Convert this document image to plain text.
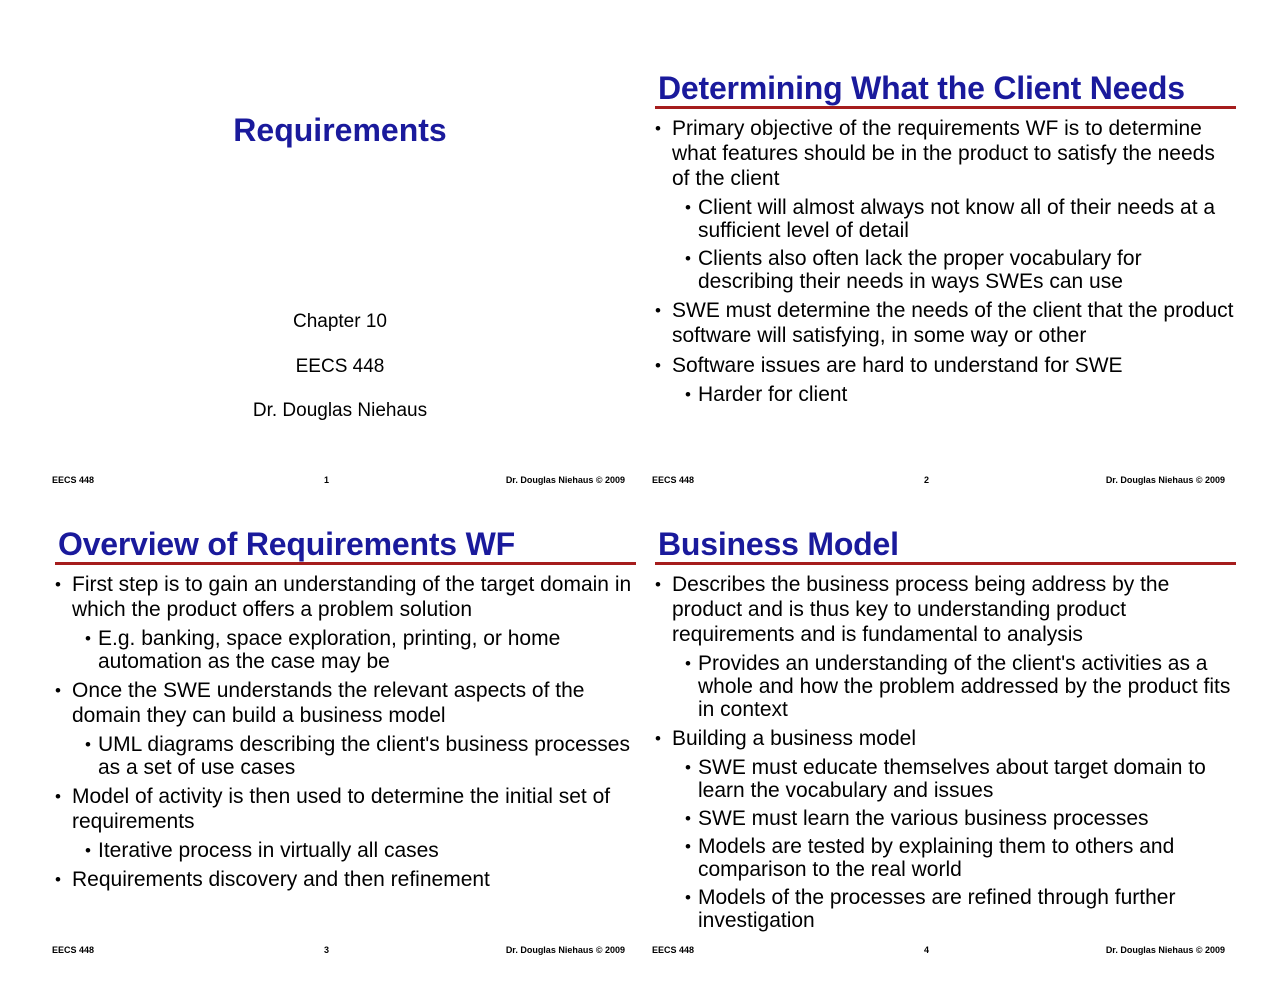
Requirements
Chapter 10
EECS 448
Dr. Douglas Niehaus
EECS 448	1	Dr. Douglas Niehaus © 2009
Determining What the Client Needs
• Primary objective of the requirements WF is to determine what features should be in the product to satisfy the needs of the client
• Client will almost always not know all of their needs at a sufficient level of detail
• Clients also often lack the proper vocabulary for describing their needs in ways SWEs can use
• SWE must determine the needs of the client that the product software will satisfying, in some way or other
• Software issues are hard to understand for SWE
• Harder for client
EECS 448	2	Dr. Douglas Niehaus © 2009
Overview of Requirements WF
• First step is to gain an understanding of the target domain in which the product offers a problem solution
• E.g. banking, space exploration, printing, or home automation as the case may be
• Once the SWE understands the relevant aspects of the domain they can build a business model
• UML diagrams describing the client's business processes as a set of use cases
• Model of activity is then used to determine the initial set of requirements
• Iterative process in virtually all cases
• Requirements discovery and then refinement
EECS 448	3	Dr. Douglas Niehaus © 2009
Business Model
• Describes the business process being address by the product and is thus key to understanding product requirements and is fundamental to analysis
• Provides an understanding of the client's activities as a whole and how the problem addressed by the product fits in context
• Building a business model
• SWE must educate themselves about target domain to learn the vocabulary and issues
• SWE must learn the various business processes
• Models are tested by explaining them to others and comparison to the real world
• Models of the processes are refined through further investigation
EECS 448	4	Dr. Douglas Niehaus © 2009
